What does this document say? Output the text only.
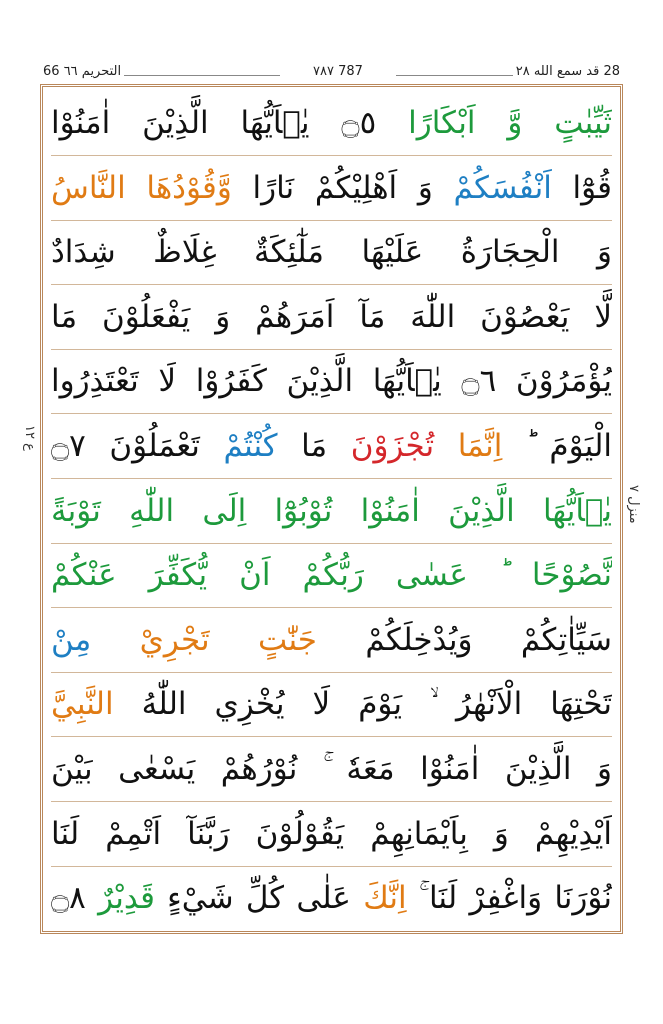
66 التحریم ٦٦	٧٨٧ 787	28 قد سمع الله ٢٨
ع ١٢
منزل ٧
ثَيِّبٰتٍ وَّ اَبْكَارًا ۝٥ يٰۤاَيُّهَا الَّذِيْنَ اٰمَنُوْا
قُوْٓا اَنْفُسَكُمْ وَ اَهْلِيْكُمْ نَارًا وَّقُوْدُهَا النَّاسُ
وَ الْحِجَارَةُ عَلَيْهَا مَلٰٓئِكَةٌ غِلَاظٌ شِدَادٌ
لَّا يَعْصُوْنَ اللّٰهَ مَآ اَمَرَهُمْ وَ يَفْعَلُوْنَ مَا
يُؤْمَرُوْنَ ۝٦ يٰۤاَيُّهَا الَّذِيْنَ كَفَرُوْا لَا تَعْتَذِرُوا
الْيَوْمَ ؕ اِنَّمَا تُجْزَوْنَ مَا كُنْتُمْ تَعْمَلُوْنَ ۝٧
يٰۤاَيُّهَا الَّذِيْنَ اٰمَنُوْا تُوْبُوْٓا اِلَى اللّٰهِ تَوْبَةً
نَّصُوْحًا ؕ عَسٰى رَبُّكُمْ اَنْ يُّكَفِّرَ عَنْكُمْ
سَيِّاٰتِكُمْ وَيُدْخِلَكُمْ جَنّٰتٍ تَجْرِيْ مِنْ
تَحْتِهَا الْاَنْهٰرُ ۙ يَوْمَ لَا يُخْزِي اللّٰهُ النَّبِيَّ
وَ الَّذِيْنَ اٰمَنُوْا مَعَهٗ ۚ نُوْرُهُمْ يَسْعٰى بَيْنَ
اَيْدِيْهِمْ وَ بِاَيْمَانِهِمْ يَقُوْلُوْنَ رَبَّنَآ اَتْمِمْ لَنَا
نُوْرَنَا وَاغْفِرْ لَنَا ۚ اِنَّكَ عَلٰى كُلِّ شَيْءٍ قَدِيْرٌ ۝٨
